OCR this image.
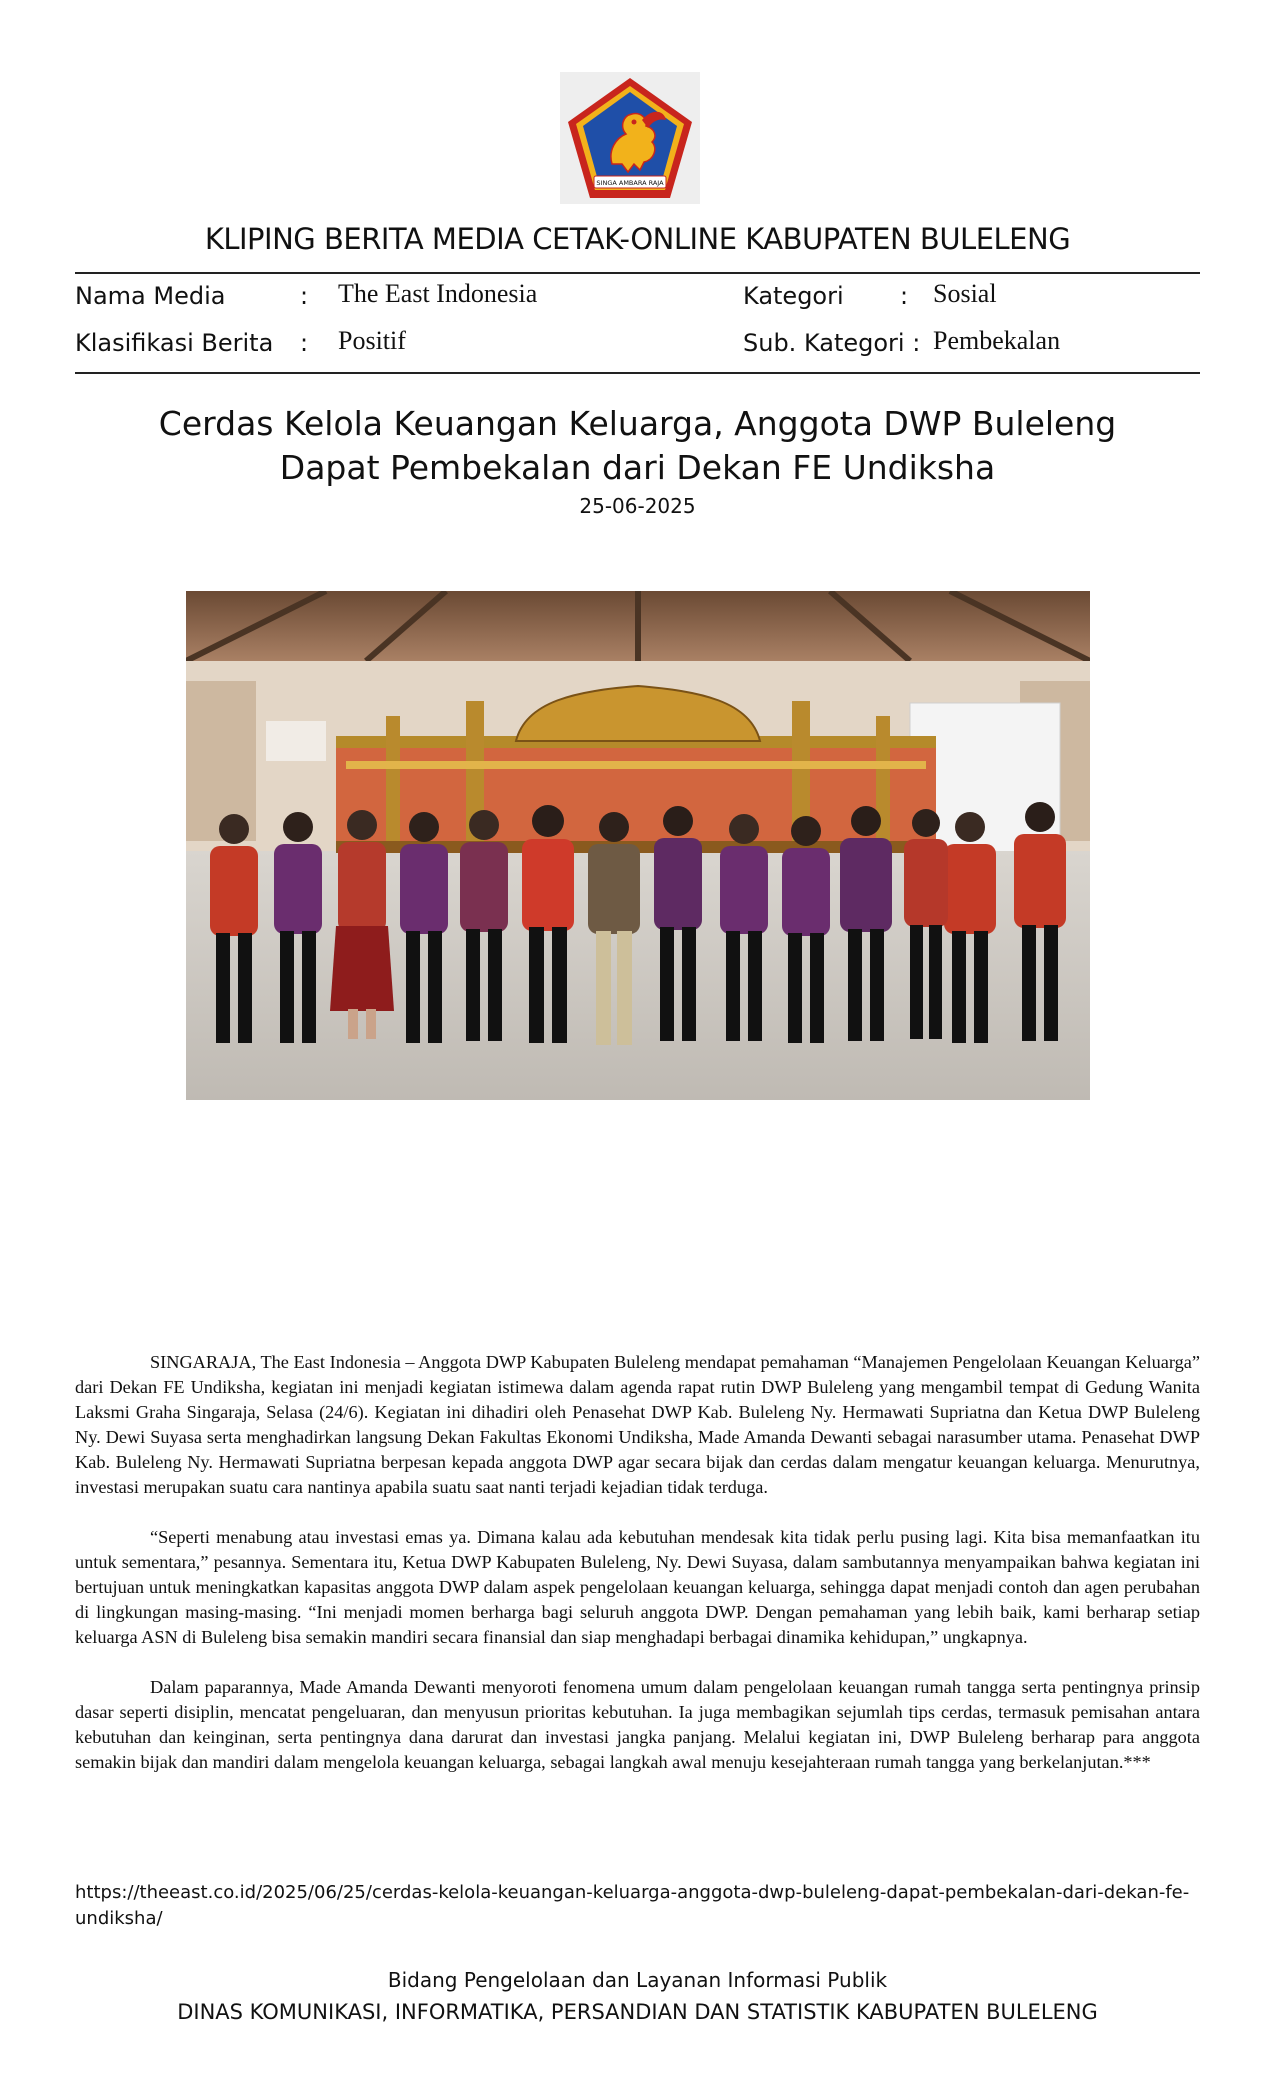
SINGA AMBARA RAJA
KLIPING BERITA MEDIA CETAK-ONLINE KABUPATEN BULELENG
Nama Media	: The East Indonesia	Kategori : Sosial
Klasifikasi Berita : Positif	Sub. Kategori : Pembekalan
Cerdas Kelola Keuangan Keluarga, Anggota DWP Buleleng
Dapat Pembekalan dari Dekan FE Undiksha
25-06-2025

SINGARAJA, The East Indonesia – Anggota DWP Kabupaten Buleleng mendapat pemahaman “Manajemen Pengelolaan Keuangan Keluarga” dari Dekan FE Undiksha, kegiatan ini menjadi kegiatan istimewa dalam agenda rapat rutin DWP Buleleng yang mengambil tempat di Gedung Wanita Laksmi Graha Singaraja, Selasa (24/6). Kegiatan ini dihadiri oleh Penasehat DWP Kab. Buleleng Ny. Hermawati Supriatna dan Ketua DWP Buleleng Ny. Dewi Suyasa serta menghadirkan langsung Dekan Fakultas Ekonomi Undiksha, Made Amanda Dewanti sebagai narasumber utama. Penasehat DWP Kab. Buleleng Ny. Hermawati Supriatna berpesan kepada anggota DWP agar secara bijak dan cerdas dalam mengatur keuangan keluarga. Menurutnya, investasi merupakan suatu cara nantinya apabila suatu saat nanti terjadi kejadian tidak terduga.

“Seperti menabung atau investasi emas ya. Dimana kalau ada kebutuhan mendesak kita tidak perlu pusing lagi. Kita bisa memanfaatkan itu untuk sementara,” pesannya. Sementara itu, Ketua DWP Kabupaten Buleleng, Ny. Dewi Suyasa, dalam sambutannya menyampaikan bahwa kegiatan ini bertujuan untuk meningkatkan kapasitas anggota DWP dalam aspek pengelolaan keuangan keluarga, sehingga dapat menjadi contoh dan agen perubahan di lingkungan masing-masing. “Ini menjadi momen berharga bagi seluruh anggota DWP. Dengan pemahaman yang lebih baik, kami berharap setiap keluarga ASN di Buleleng bisa semakin mandiri secara finansial dan siap menghadapi berbagai dinamika kehidupan,” ungkapnya.

Dalam paparannya, Made Amanda Dewanti menyoroti fenomena umum dalam pengelolaan keuangan rumah tangga serta pentingnya prinsip dasar seperti disiplin, mencatat pengeluaran, dan menyusun prioritas kebutuhan. Ia juga membagikan sejumlah tips cerdas, termasuk pemisahan antara kebutuhan dan keinginan, serta pentingnya dana darurat dan investasi jangka panjang. Melalui kegiatan ini, DWP Buleleng berharap para anggota semakin bijak dan mandiri dalam mengelola keuangan keluarga, sebagai langkah awal menuju kesejahteraan rumah tangga yang berkelanjutan.***

https://theeast.co.id/2025/06/25/cerdas-kelola-keuangan-keluarga-anggota-dwp-buleleng-dapat-pembekalan-dari-dekan-fe-undiksha/
Bidang Pengelolaan dan Layanan Informasi Publik
DINAS KOMUNIKASI, INFORMATIKA, PERSANDIAN DAN STATISTIK KABUPATEN BULELENG
